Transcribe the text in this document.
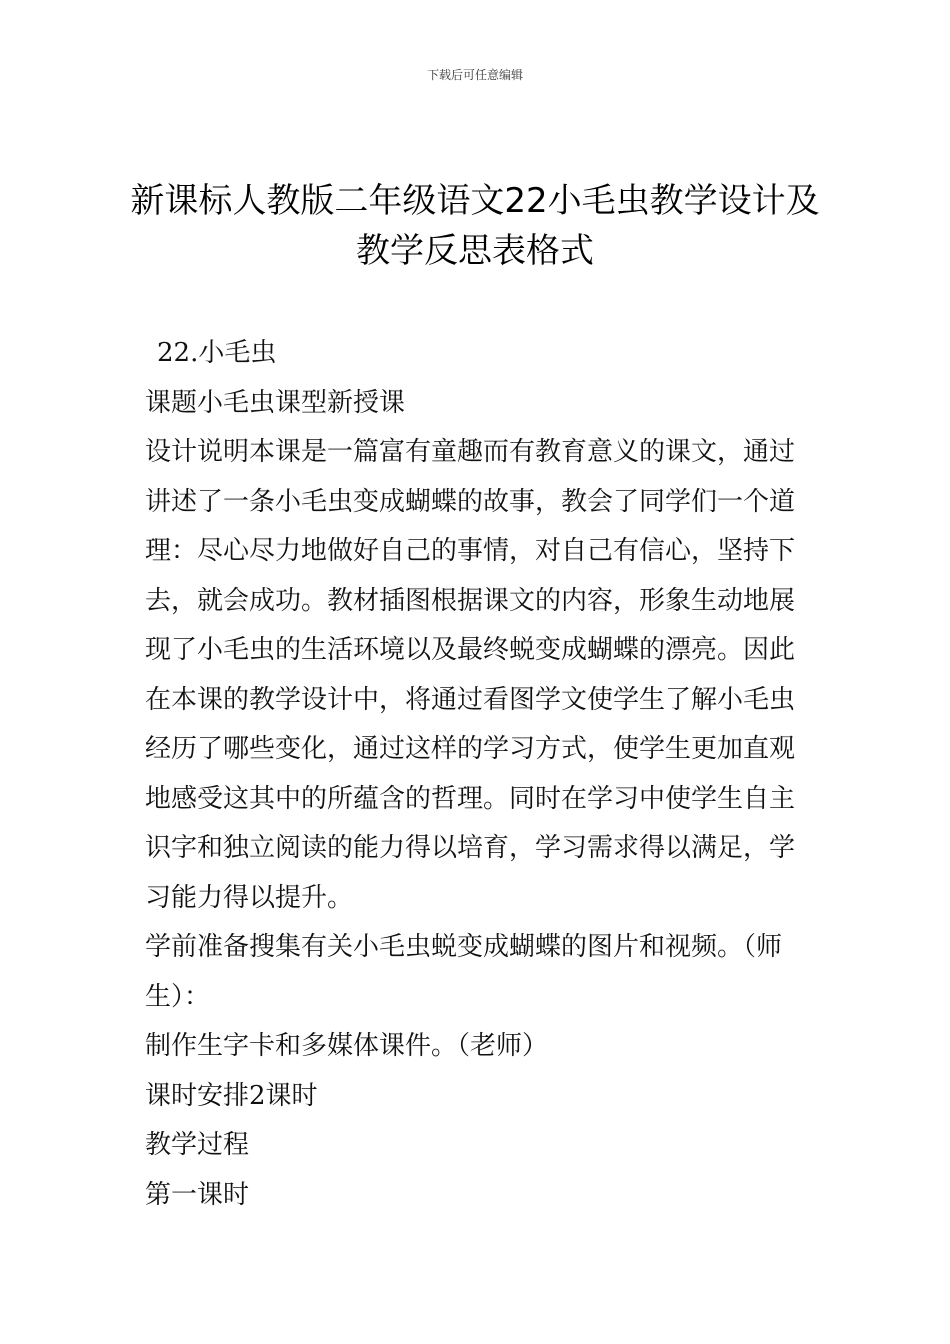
下载后可任意编辑
新课标人教版二年级语文22小毛虫教学设计及教学反思表格式

22.小毛虫

课题小毛虫课型新授课

设计说明本课是一篇富有童趣而有教育意义的课文，通过讲述了一条小毛虫变成蝴蝶的故事，教会了同学们一个道理：尽心尽力地做好自己的事情，对自己有信心，坚持下去，就会成功。教材插图根据课文的内容，形象生动地展现了小毛虫的生活环境以及最终蜕变成蝴蝶的漂亮。因此在本课的教学设计中，将通过看图学文使学生了解小毛虫经历了哪些变化，通过这样的学习方式，使学生更加直观地感受这其中的所蕴含的哲理。同时在学习中使学生自主识字和独立阅读的能力得以培育，学习需求得以满足，学习能力得以提升。

学前准备搜集有关小毛虫蜕变成蝴蝶的图片和视频。（师生）：

制作生字卡和多媒体课件。（老师）

课时安排2课时

教学过程

第一课时
